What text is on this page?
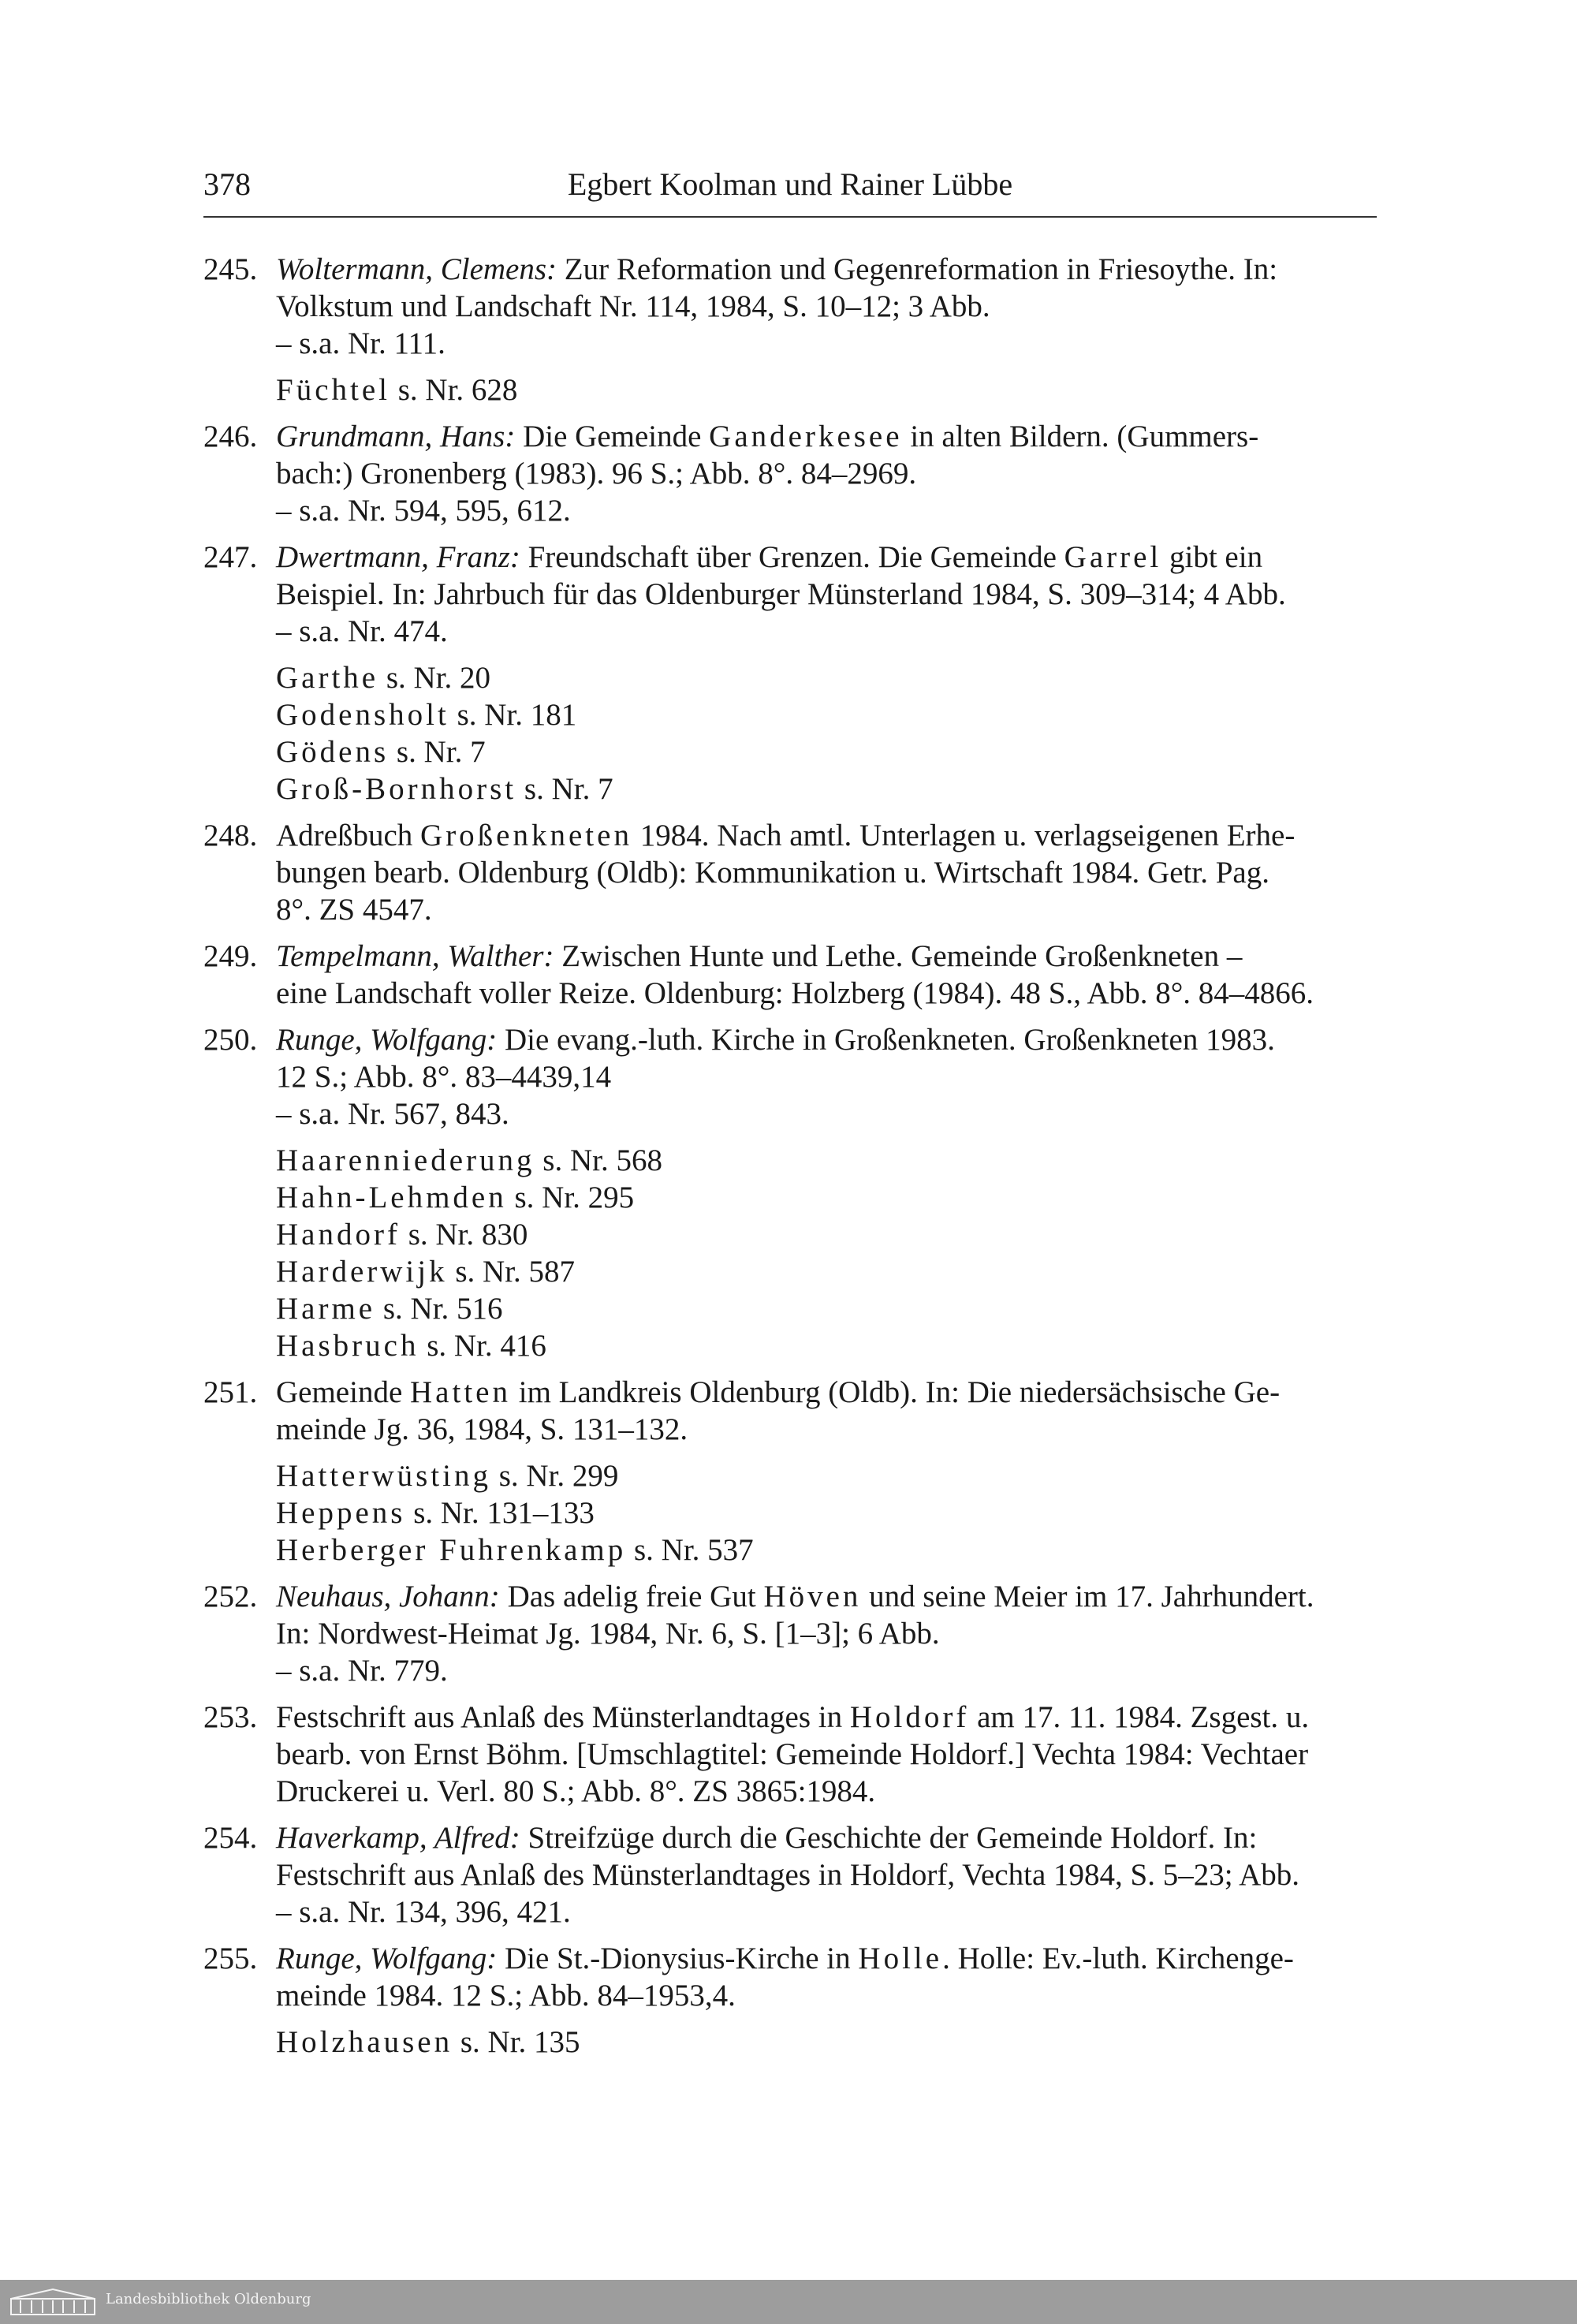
378	Egbert Koolman und Rainer Lübbe
245. Woltermann, Clemens: Zur Reformation und Gegenreformation in Friesoythe. In:
Volkstum und Landschaft Nr. 114, 1984, S. 10–12; 3 Abb.
– s.a. Nr. 111.
Füchtel s. Nr. 628
246. Grundmann, Hans: Die Gemeinde Ganderkesee in alten Bildern. (Gummers-
bach:) Gronenberg (1983). 96 S.; Abb. 8°. 84–2969.
– s.a. Nr. 594, 595, 612.
247. Dwertmann, Franz: Freundschaft über Grenzen. Die Gemeinde Garrel gibt ein
Beispiel. In: Jahrbuch für das Oldenburger Münsterland 1984, S. 309–314; 4 Abb.
– s.a. Nr. 474.
Garthe s. Nr. 20
Godensholt s. Nr. 181
Gödens s. Nr. 7
Groß-Bornhorst s. Nr. 7
248. Adreßbuch Großenkneten 1984. Nach amtl. Unterlagen u. verlagseigenen Erhe-
bungen bearb. Oldenburg (Oldb): Kommunikation u. Wirtschaft 1984. Getr. Pag.
8°. ZS 4547.
249. Tempelmann, Walther: Zwischen Hunte und Lethe. Gemeinde Großenkneten –
eine Landschaft voller Reize. Oldenburg: Holzberg (1984). 48 S., Abb. 8°. 84–4866.
250. Runge, Wolfgang: Die evang.-luth. Kirche in Großenkneten. Großenkneten 1983.
12 S.; Abb. 8°. 83–4439,14
– s.a. Nr. 567, 843.
Haarenniederung s. Nr. 568
Hahn-Lehmden s. Nr. 295
Handorf s. Nr. 830
Harderwijk s. Nr. 587
Harme s. Nr. 516
Hasbruch s. Nr. 416
251. Gemeinde Hatten im Landkreis Oldenburg (Oldb). In: Die niedersächsische Ge-
meinde Jg. 36, 1984, S. 131–132.
Hatterwüsting s. Nr. 299
Heppens s. Nr. 131–133
Herberger Fuhrenkamp s. Nr. 537
252. Neuhaus, Johann: Das adelig freie Gut Höven und seine Meier im 17. Jahrhundert.
In: Nordwest-Heimat Jg. 1984, Nr. 6, S. [1–3]; 6 Abb.
– s.a. Nr. 779.
253. Festschrift aus Anlaß des Münsterlandtages in Holdorf am 17. 11. 1984. Zsgest. u.
bearb. von Ernst Böhm. [Umschlagtitel: Gemeinde Holdorf.] Vechta 1984: Vechtaer
Druckerei u. Verl. 80 S.; Abb. 8°. ZS 3865:1984.
254. Haverkamp, Alfred: Streifzüge durch die Geschichte der Gemeinde Holdorf. In:
Festschrift aus Anlaß des Münsterlandtages in Holdorf, Vechta 1984, S. 5–23; Abb.
– s.a. Nr. 134, 396, 421.
255. Runge, Wolfgang: Die St.-Dionysius-Kirche in Holle. Holle: Ev.-luth. Kirchenge-
meinde 1984. 12 S.; Abb. 84–1953,4.
Holzhausen s. Nr. 135
Landesbibliothek Oldenburg
